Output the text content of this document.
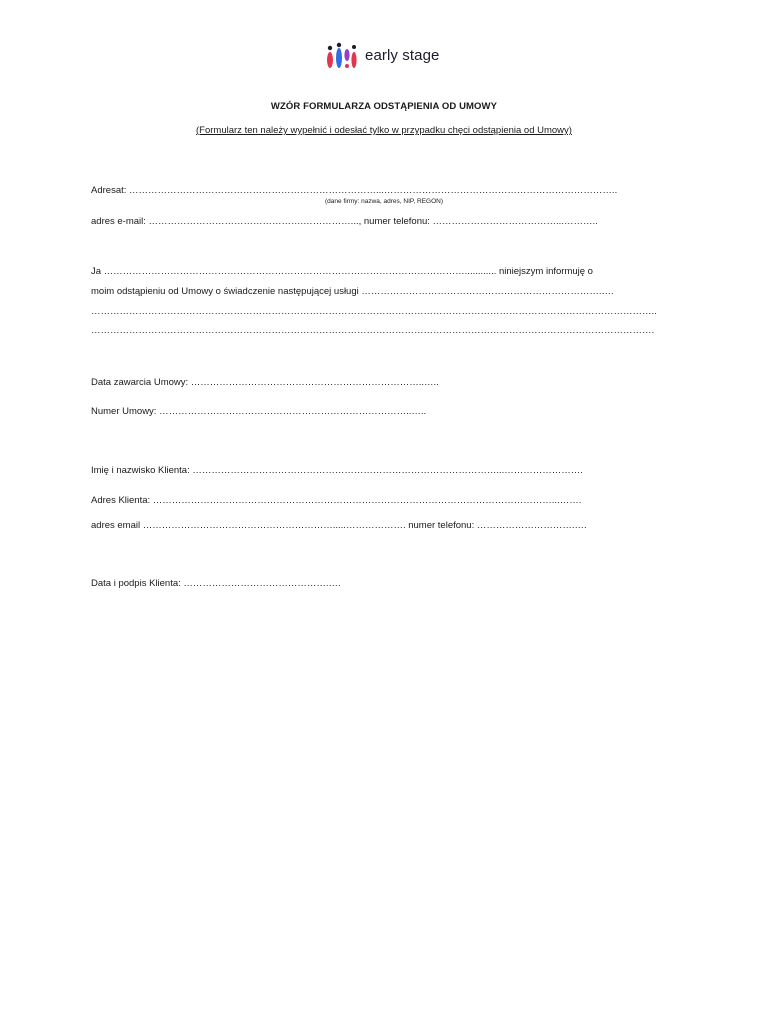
early stage
WZÓR FORMULARZA ODSTĄPIENIA OD UMOWY
(Formularz ten należy wypełnić i odesłać tylko w przypadku chęci odstąpienia od Umowy)
Adresat: ……………………………………………………………………...………………………………………………………………..
(dane firmy: nazwa, adres, NIP, REGON)
adres e-mail: ………………………………………….……………..., numer telefonu: …………………………………...………..
Ja ……………………………………………………………………………………………………............ niniejszym informuję o
moim odstąpieniu od Umowy o świadczenie następującej usługi ………………………………………………………………….….
……………………………………………………………………………………………………………………………………………………………..
…………………………………………………………………………………………………………………………………………………………….
Data zawarcia Umowy: ………………………………………………………………..…..
Numer Umowy: ……………………………………………………………………..…..
Imię i nazwisko Klienta: ……………………………………………………………………………………...…………………….
Adres Klienta: ………………………………………………………………………………………………………………...…….
adres email …………………………………………………….....………………. numer telefonu: ………………………….….
Data i podpis Klienta: ……………………………………….….
